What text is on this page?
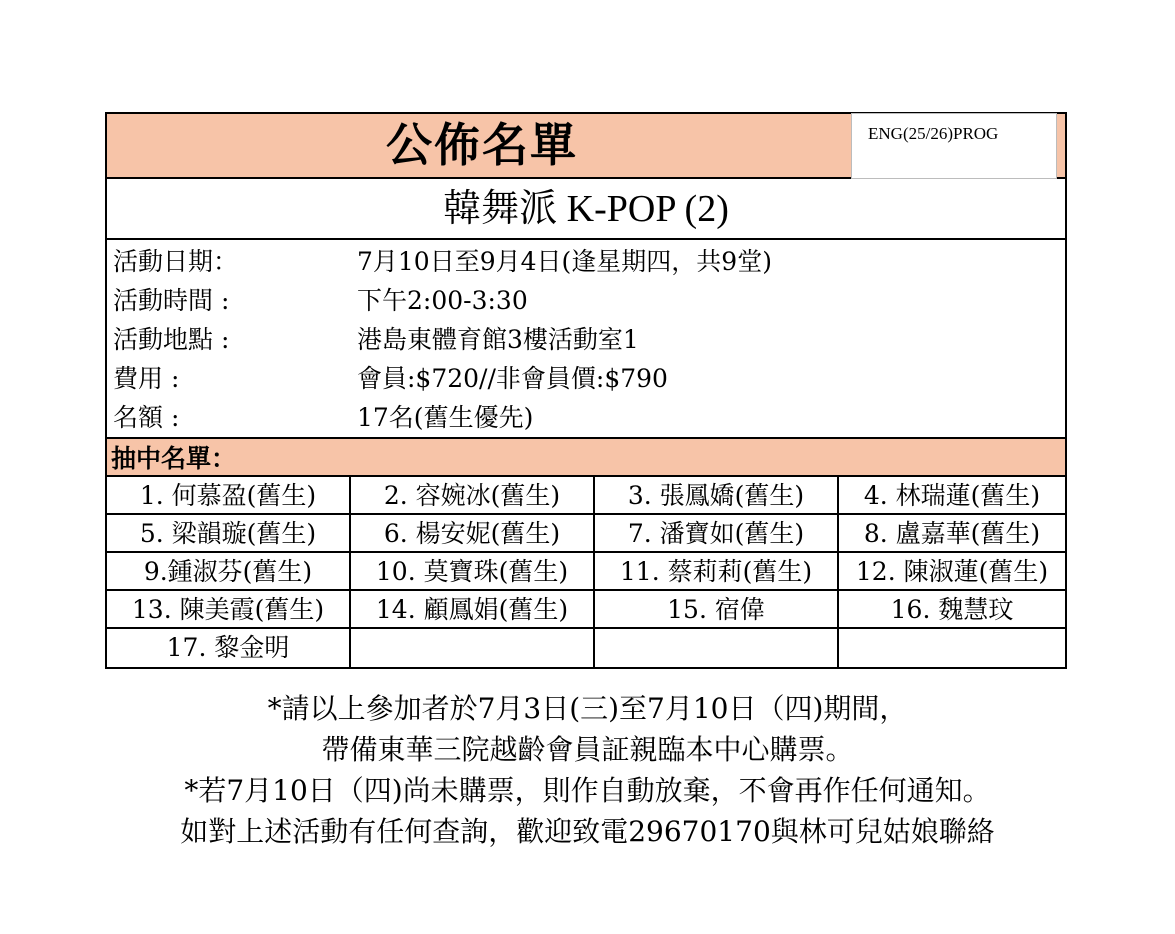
公佈名單	ENG(25/26)PROG
韓舞派 K-POP (2)
活動日期：	7月10日至9月4日(逢星期四，共9堂)
活動時間 :	下午2:00-3:30
活動地點 :	港島東體育館3樓活動室1
費用 :	會員:$720//非會員價:$790
名額 :	17名(舊生優先)
抽中名單：
1. 何慕盈(舊生)	2. 容婉冰(舊生)	3. 張鳳嬌(舊生)	4. 林瑞蓮(舊生)
5. 梁韻璇(舊生)	6. 楊安妮(舊生)	7. 潘寶如(舊生)	8. 盧嘉華(舊生)
9.鍾淑芬(舊生)	10. 莫寶珠(舊生)	11. 蔡莉莉(舊生)	12. 陳淑蓮(舊生)
13. 陳美霞(舊生)	14. 顧鳳娟(舊生)	15. 宿偉	16. 魏慧玟
17. 黎金明
*請以上參加者於7月3日(三)至7月10日（四)期間，
帶備東華三院越齡會員証親臨本中心購票。
*若7月10日（四)尚未購票，則作自動放棄，不會再作任何通知。
如對上述活動有任何查詢，歡迎致電29670170與林可兒姑娘聯絡
